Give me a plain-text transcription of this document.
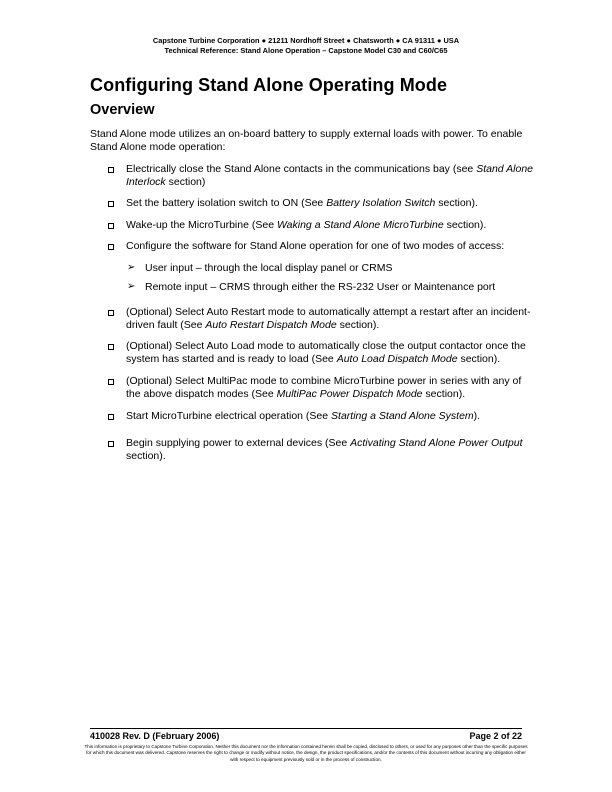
Capstone Turbine Corporation ● 21211 Nordhoff Street ● Chatsworth ● CA 91311 ● USA
Technical Reference: Stand Alone Operation – Capstone Model C30 and C60/C65
Configuring Stand Alone Operating Mode
Overview

Stand Alone mode utilizes an on-board battery to supply external loads with power. To enable Stand Alone mode operation:

Electrically close the Stand Alone contacts in the communications bay (see Stand Alone Interlock section)
Set the battery isolation switch to ON (See Battery Isolation Switch section).
Wake-up the MicroTurbine (See Waking a Stand Alone MicroTurbine section).
Configure the software for Stand Alone operation for one of two modes of access:
➢ User input – through the local display panel or CRMS
➢ Remote input – CRMS through either the RS-232 User or Maintenance port
(Optional) Select Auto Restart mode to automatically attempt a restart after an incident-driven fault (See Auto Restart Dispatch Mode section).
(Optional) Select Auto Load mode to automatically close the output contactor once the system has started and is ready to load (See Auto Load Dispatch Mode section).
(Optional) Select MultiPac mode to combine MicroTurbine power in series with any of the above dispatch modes (See MultiPac Power Dispatch Mode section).
Start MicroTurbine electrical operation (See Starting a Stand Alone System).
Begin supplying power to external devices (See Activating Stand Alone Power Output section).
410028 Rev. D (February 2006)	Page 2 of 22
This information is proprietary to Capstone Turbine Corporation. Neither this document nor the information contained herein shall be copied, disclosed to others, or used for any purposes other than the specific purposes for which this document was delivered. Capstone reserves the right to change or modify without notice, the design, the product specifications, and/or the contents of this document without incurring any obligation either with respect to equipment previously sold or in the process of construction.
